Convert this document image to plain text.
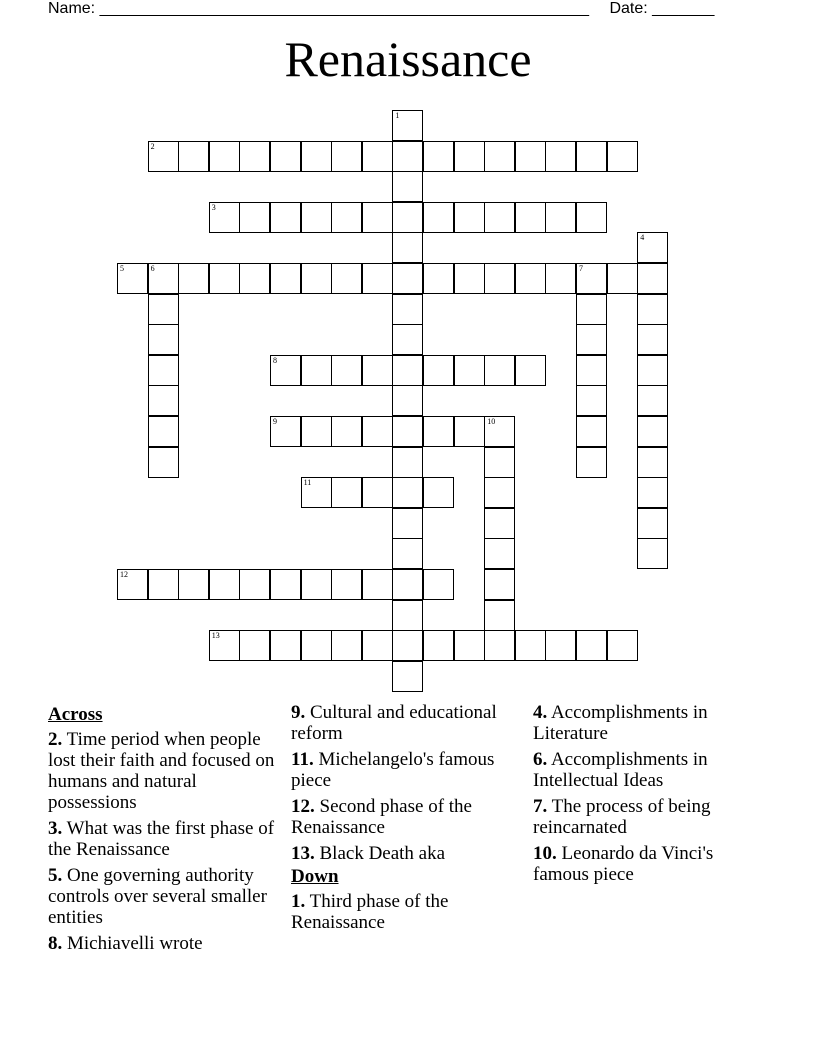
Name: _______________________________________________________ Date: _______
Renaissance
1
2
3
4
5	6	7
8
9	10
11
12
13
Across
2. Time period when people lost their faith and focused on humans and natural possessions
3. What was the first phase of the Renaissance
5. One governing authority controls over several smaller entities
8. Michiavelli wrote
9. Cultural and educational reform
11. Michelangelo's famous piece
12. Second phase of the Renaissance
13. Black Death aka
Down
1. Third phase of the Renaissance
4. Accomplishments in Literature
6. Accomplishments in Intellectual Ideas
7. The process of being reincarnated
10. Leonardo da Vinci's famous piece
